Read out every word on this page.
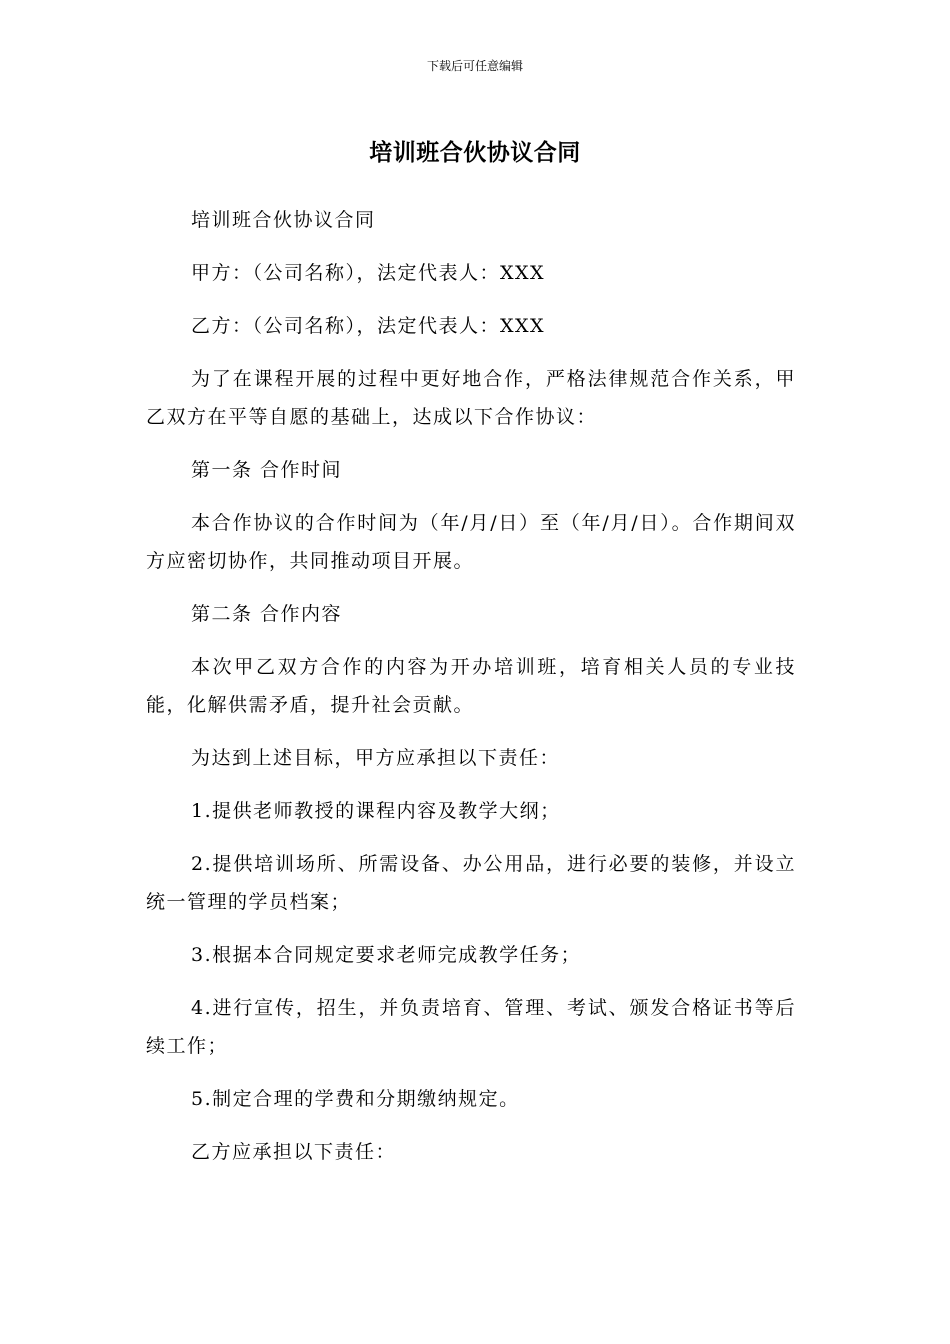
下载后可任意编辑
培训班合伙协议合同

培训班合伙协议合同

甲方：（公司名称），法定代表人：XXX

乙方：（公司名称），法定代表人：XXX

为了在课程开展的过程中更好地合作，严格法律规范合作关系，甲乙双方在平等自愿的基础上，达成以下合作协议：

第一条 合作时间

本合作协议的合作时间为（年/月/日）至（年/月/日）。合作期间双方应密切协作，共同推动项目开展。

第二条 合作内容

本次甲乙双方合作的内容为开办培训班，培育相关人员的专业技能，化解供需矛盾，提升社会贡献。

为达到上述目标，甲方应承担以下责任：

1.提供老师教授的课程内容及教学大纲；

2.提供培训场所、所需设备、办公用品，进行必要的装修，并设立统一管理的学员档案；

3.根据本合同规定要求老师完成教学任务；

4.进行宣传，招生，并负责培育、管理、考试、颁发合格证书等后续工作；

5.制定合理的学费和分期缴纳规定。

乙方应承担以下责任：
